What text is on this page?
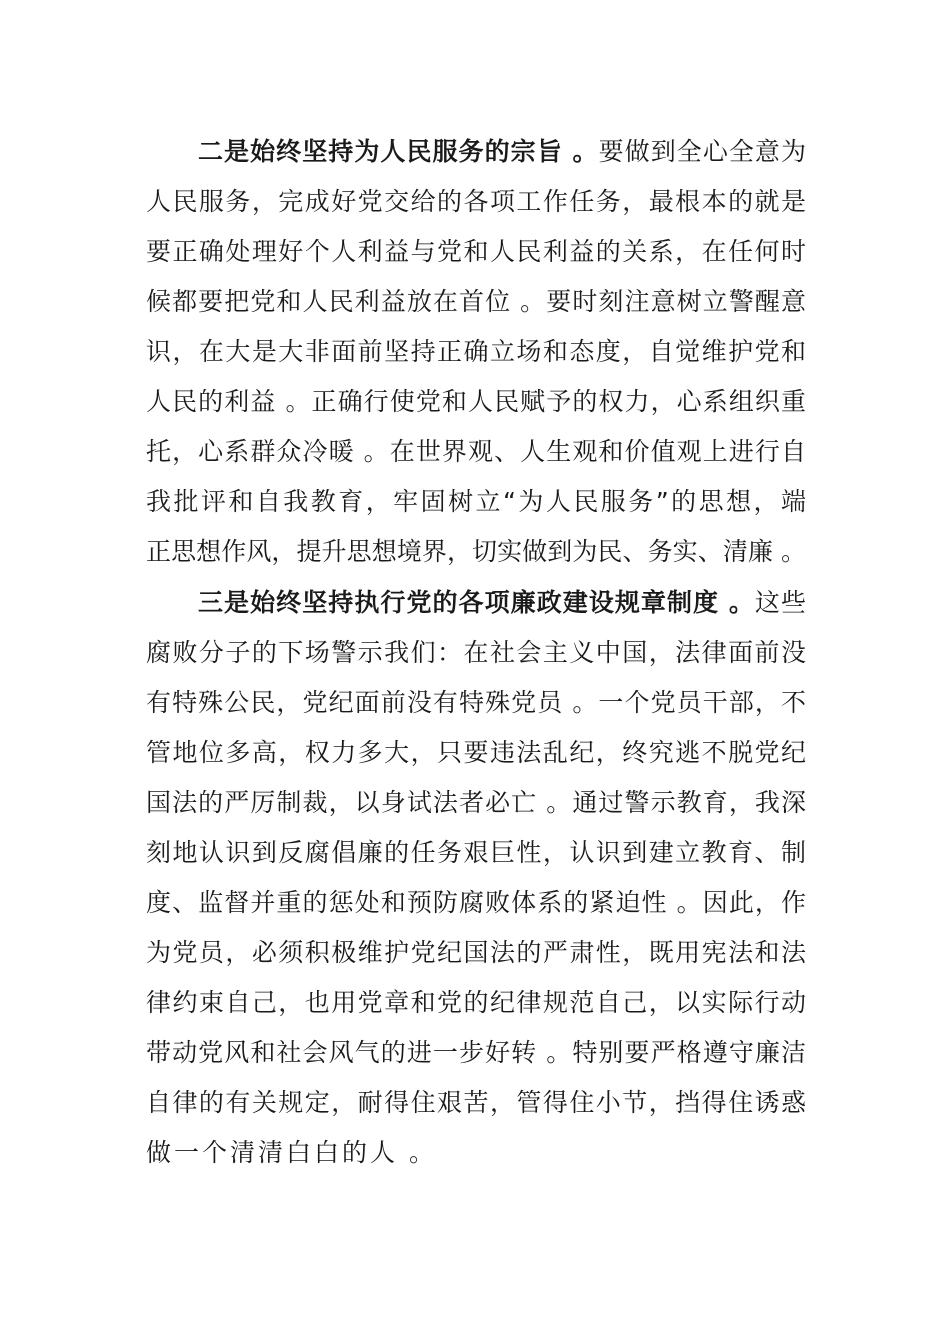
二是始终坚持为人民服务的宗旨 。要做到全心全意为
人民服务，完成好党交给的各项工作任务，最根本的就是
要正确处理好个人利益与党和人民利益的关系，在任何时
候都要把党和人民利益放在首位 。要时刻注意树立警醒意
识，在大是大非面前坚持正确立场和态度，自觉维护党和
人民的利益 。正确行使党和人民赋予的权力，心系组织重
托，心系群众冷暖 。在世界观、人生观和价值观上进行自
我批评和自我教育，牢固树立“为人民服务”的思想，端
正思想作风，提升思想境界，切实做到为民、务实、清廉 。
三是始终坚持执行党的各项廉政建设规章制度 。这些
腐败分子的下场警示我们：在社会主义中国，法律面前没
有特殊公民，党纪面前没有特殊党员 。一个党员干部，不
管地位多高，权力多大，只要违法乱纪，终究逃不脱党纪
国法的严厉制裁，以身试法者必亡 。通过警示教育，我深
刻地认识到反腐倡廉的任务艰巨性，认识到建立教育、制
度、监督并重的惩处和预防腐败体系的紧迫性 。因此，作
为党员，必须积极维护党纪国法的严肃性，既用宪法和法
律约束自己，也用党章和党的纪律规范自己，以实际行动
带动党风和社会风气的进一步好转 。特别要严格遵守廉洁
自律的有关规定，耐得住艰苦，管得住小节，挡得住诱惑
做一个清清白白的人 。
